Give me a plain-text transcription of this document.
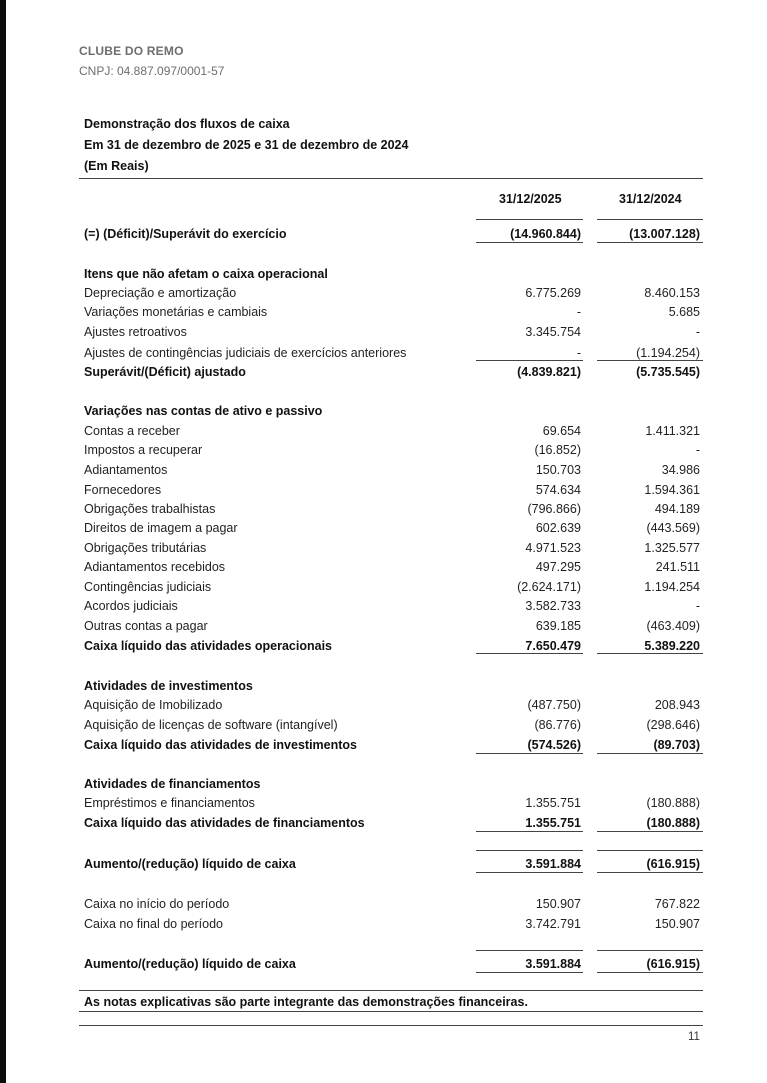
CLUBE DO REMO
CNPJ: 04.887.097/0001-57
Demonstração dos fluxos de caixa
Em 31 de dezembro de 2025 e 31 de dezembro de 2024
(Em Reais)
31/12/2025	31/12/2024
(=) (Déficit)/Superávit do exercício	(14.960.844)	(13.007.128)
Itens que não afetam o caixa operacional
Depreciação e amortização	6.775.269	8.460.153
Variações monetárias e cambiais	-	5.685
Ajustes retroativos	3.345.754	-
Ajustes de contingências judiciais de exercícios anteriores	-	(1.194.254)
Superávit/(Déficit) ajustado	(4.839.821)	(5.735.545)
Variações nas contas de ativo e passivo
Contas a receber	69.654	1.411.321
Impostos a recuperar	(16.852)	-
Adiantamentos	150.703	34.986
Fornecedores	574.634	1.594.361
Obrigações trabalhistas	(796.866)	494.189
Direitos de imagem a pagar	602.639	(443.569)
Obrigações tributárias	4.971.523	1.325.577
Adiantamentos recebidos	497.295	241.511
Contingências judiciais	(2.624.171)	1.194.254
Acordos judiciais	3.582.733	-
Outras contas a pagar	639.185	(463.409)
Caixa líquido das atividades operacionais	7.650.479	5.389.220
Atividades de investimentos
Aquisição de Imobilizado	(487.750)	208.943
Aquisição de licenças de software (intangível)	(86.776)	(298.646)
Caixa líquido das atividades de investimentos	(574.526)	(89.703)
Atividades de financiamentos
Empréstimos e financiamentos	1.355.751	(180.888)
Caixa líquido das atividades de financiamentos	1.355.751	(180.888)
Aumento/(redução) líquido de caixa	3.591.884	(616.915)
Caixa no início do período	150.907	767.822
Caixa no final do período	3.742.791	150.907
Aumento/(redução) líquido de caixa	3.591.884	(616.915)
As notas explicativas são parte integrante das demonstrações financeiras.
11
